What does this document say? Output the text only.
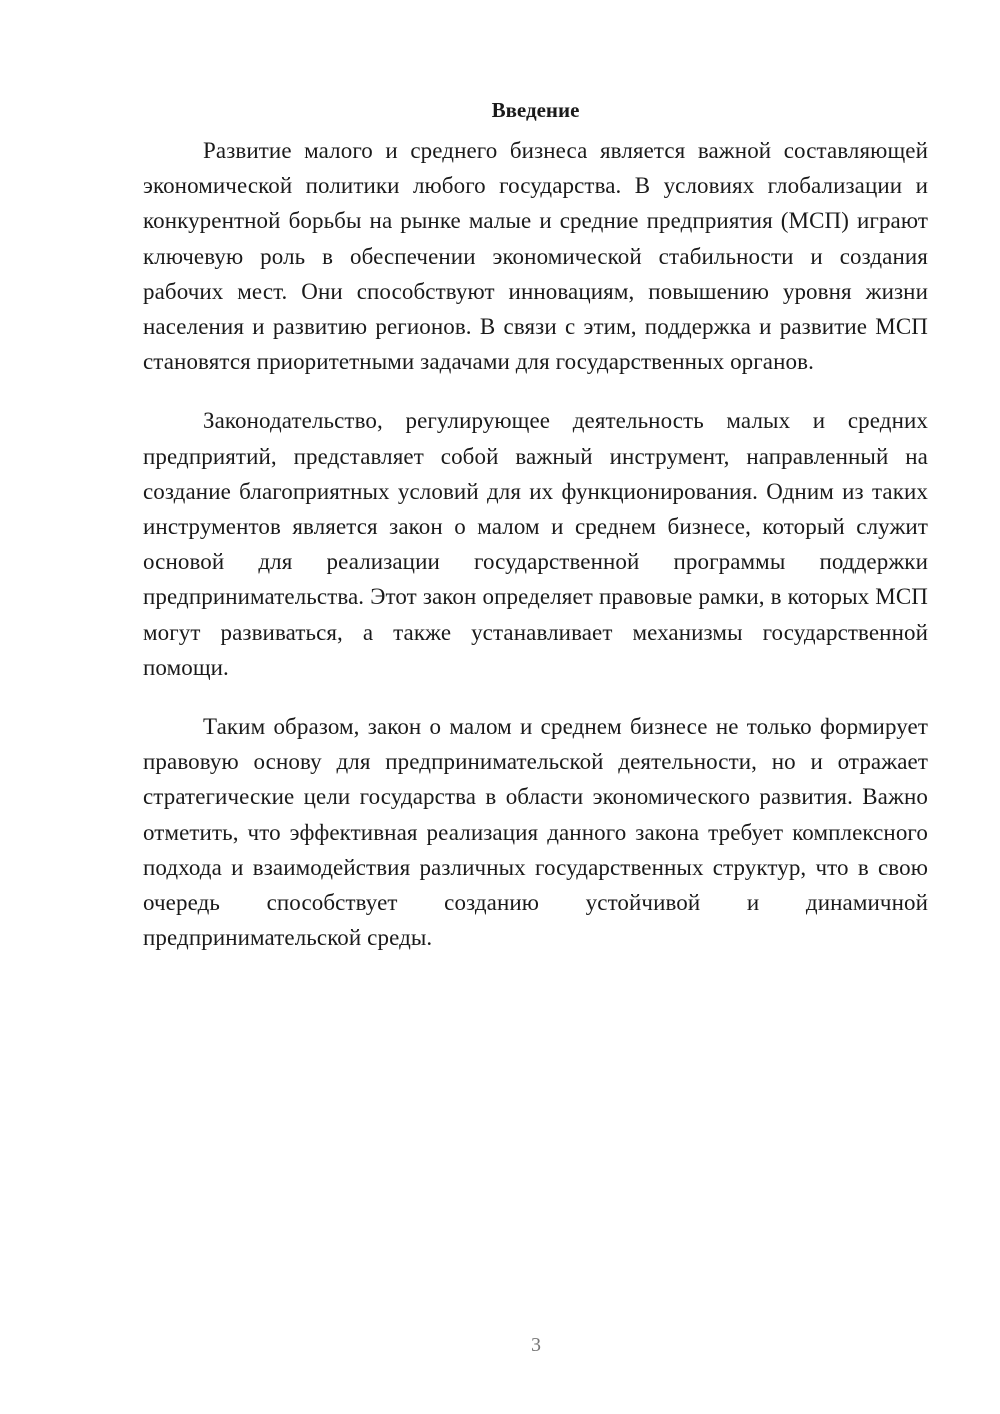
Введение

Развитие малого и среднего бизнеса является важной составляющей экономической политики любого государства. В условиях глобализации и конкурентной борьбы на рынке малые и средние предприятия (МСП) играют ключевую роль в обеспечении экономической стабильности и создания рабочих мест. Они способствуют инновациям, повышению уровня жизни населения и развитию регионов. В связи с этим, поддержка и развитие МСП становятся приоритетными задачами для государственных органов.

Законодательство, регулирующее деятельность малых и средних предприятий, представляет собой важный инструмент, направленный на создание благоприятных условий для их функционирования. Одним из таких инструментов является закон о малом и среднем бизнесе, который служит основой для реализации государственной программы поддержки предпринимательства. Этот закон определяет правовые рамки, в которых МСП могут развиваться, а также устанавливает механизмы государственной помощи.

Таким образом, закон о малом и среднем бизнесе не только формирует правовую основу для предпринимательской деятельности, но и отражает стратегические цели государства в области экономического развития. Важно отметить, что эффективная реализация данного закона требует комплексного подхода и взаимодействия различных государственных структур, что в свою очередь способствует созданию устойчивой и динамичной предпринимательской среды.

3
